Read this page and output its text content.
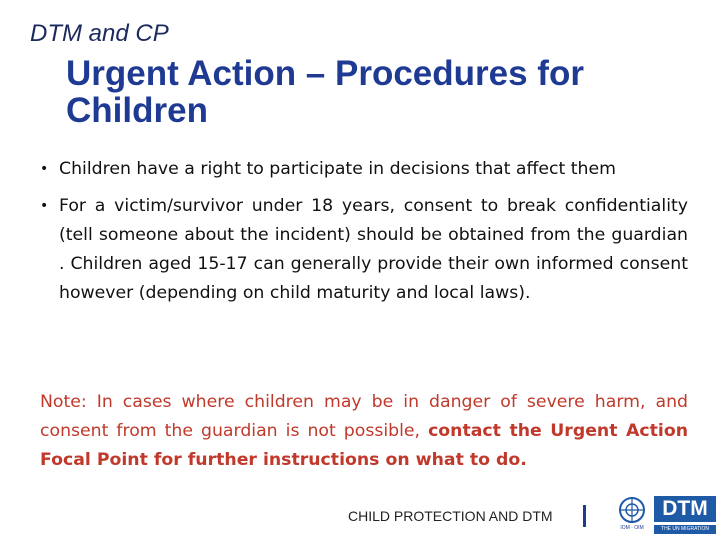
DTM and CP
Urgent Action – Procedures for Children
• Children have a right to participate in decisions that affect them
• For a victim/survivor under 18 years, consent to break confidentiality (tell someone about the incident) should be obtained from the guardian . Children aged 15-17 can generally provide their own informed consent however (depending on child maturity and local laws).

Note: In cases where children may be in danger of severe harm, and consent from the guardian is not possible, contact the Urgent Action Focal Point for further instructions on what to do.

CHILD PROTECTION AND DTM
IOM · OIM
DTM
THE UN MIGRATION AGENCY
